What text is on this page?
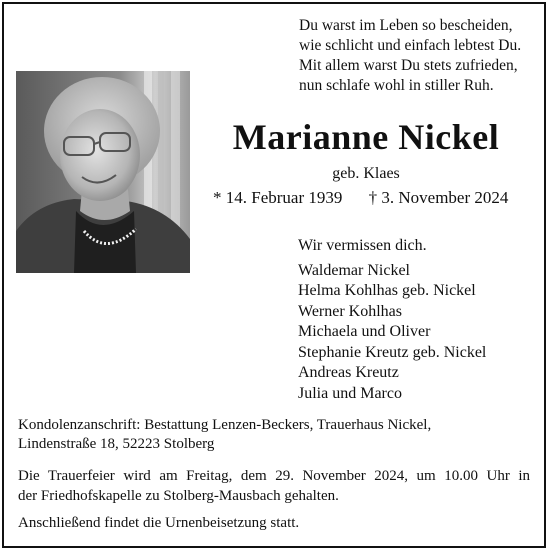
Du warst im Leben so bescheiden,
wie schlicht und einfach lebtest Du.
Mit allem warst Du stets zufrieden,
nun schlafe wohl in stiller Ruh.
Marianne Nickel
geb. Klaes
* 14. Februar 1939 † 3. November 2024
Wir vermissen dich.
Waldemar Nickel
Helma Kohlhas geb. Nickel
Werner Kohlhas
Michaela und Oliver
Stephanie Kreutz geb. Nickel
Andreas Kreutz
Julia und Marco
Kondolenzanschrift: Bestattung Lenzen-Beckers, Trauerhaus Nickel,
Lindenstraße 18, 52223 Stolberg
Die Trauerfeier wird am Freitag, dem 29. November 2024, um 10.00 Uhr in
der Friedhofskapelle zu Stolberg-Mausbach gehalten.
Anschließend findet die Urnenbeisetzung statt.
